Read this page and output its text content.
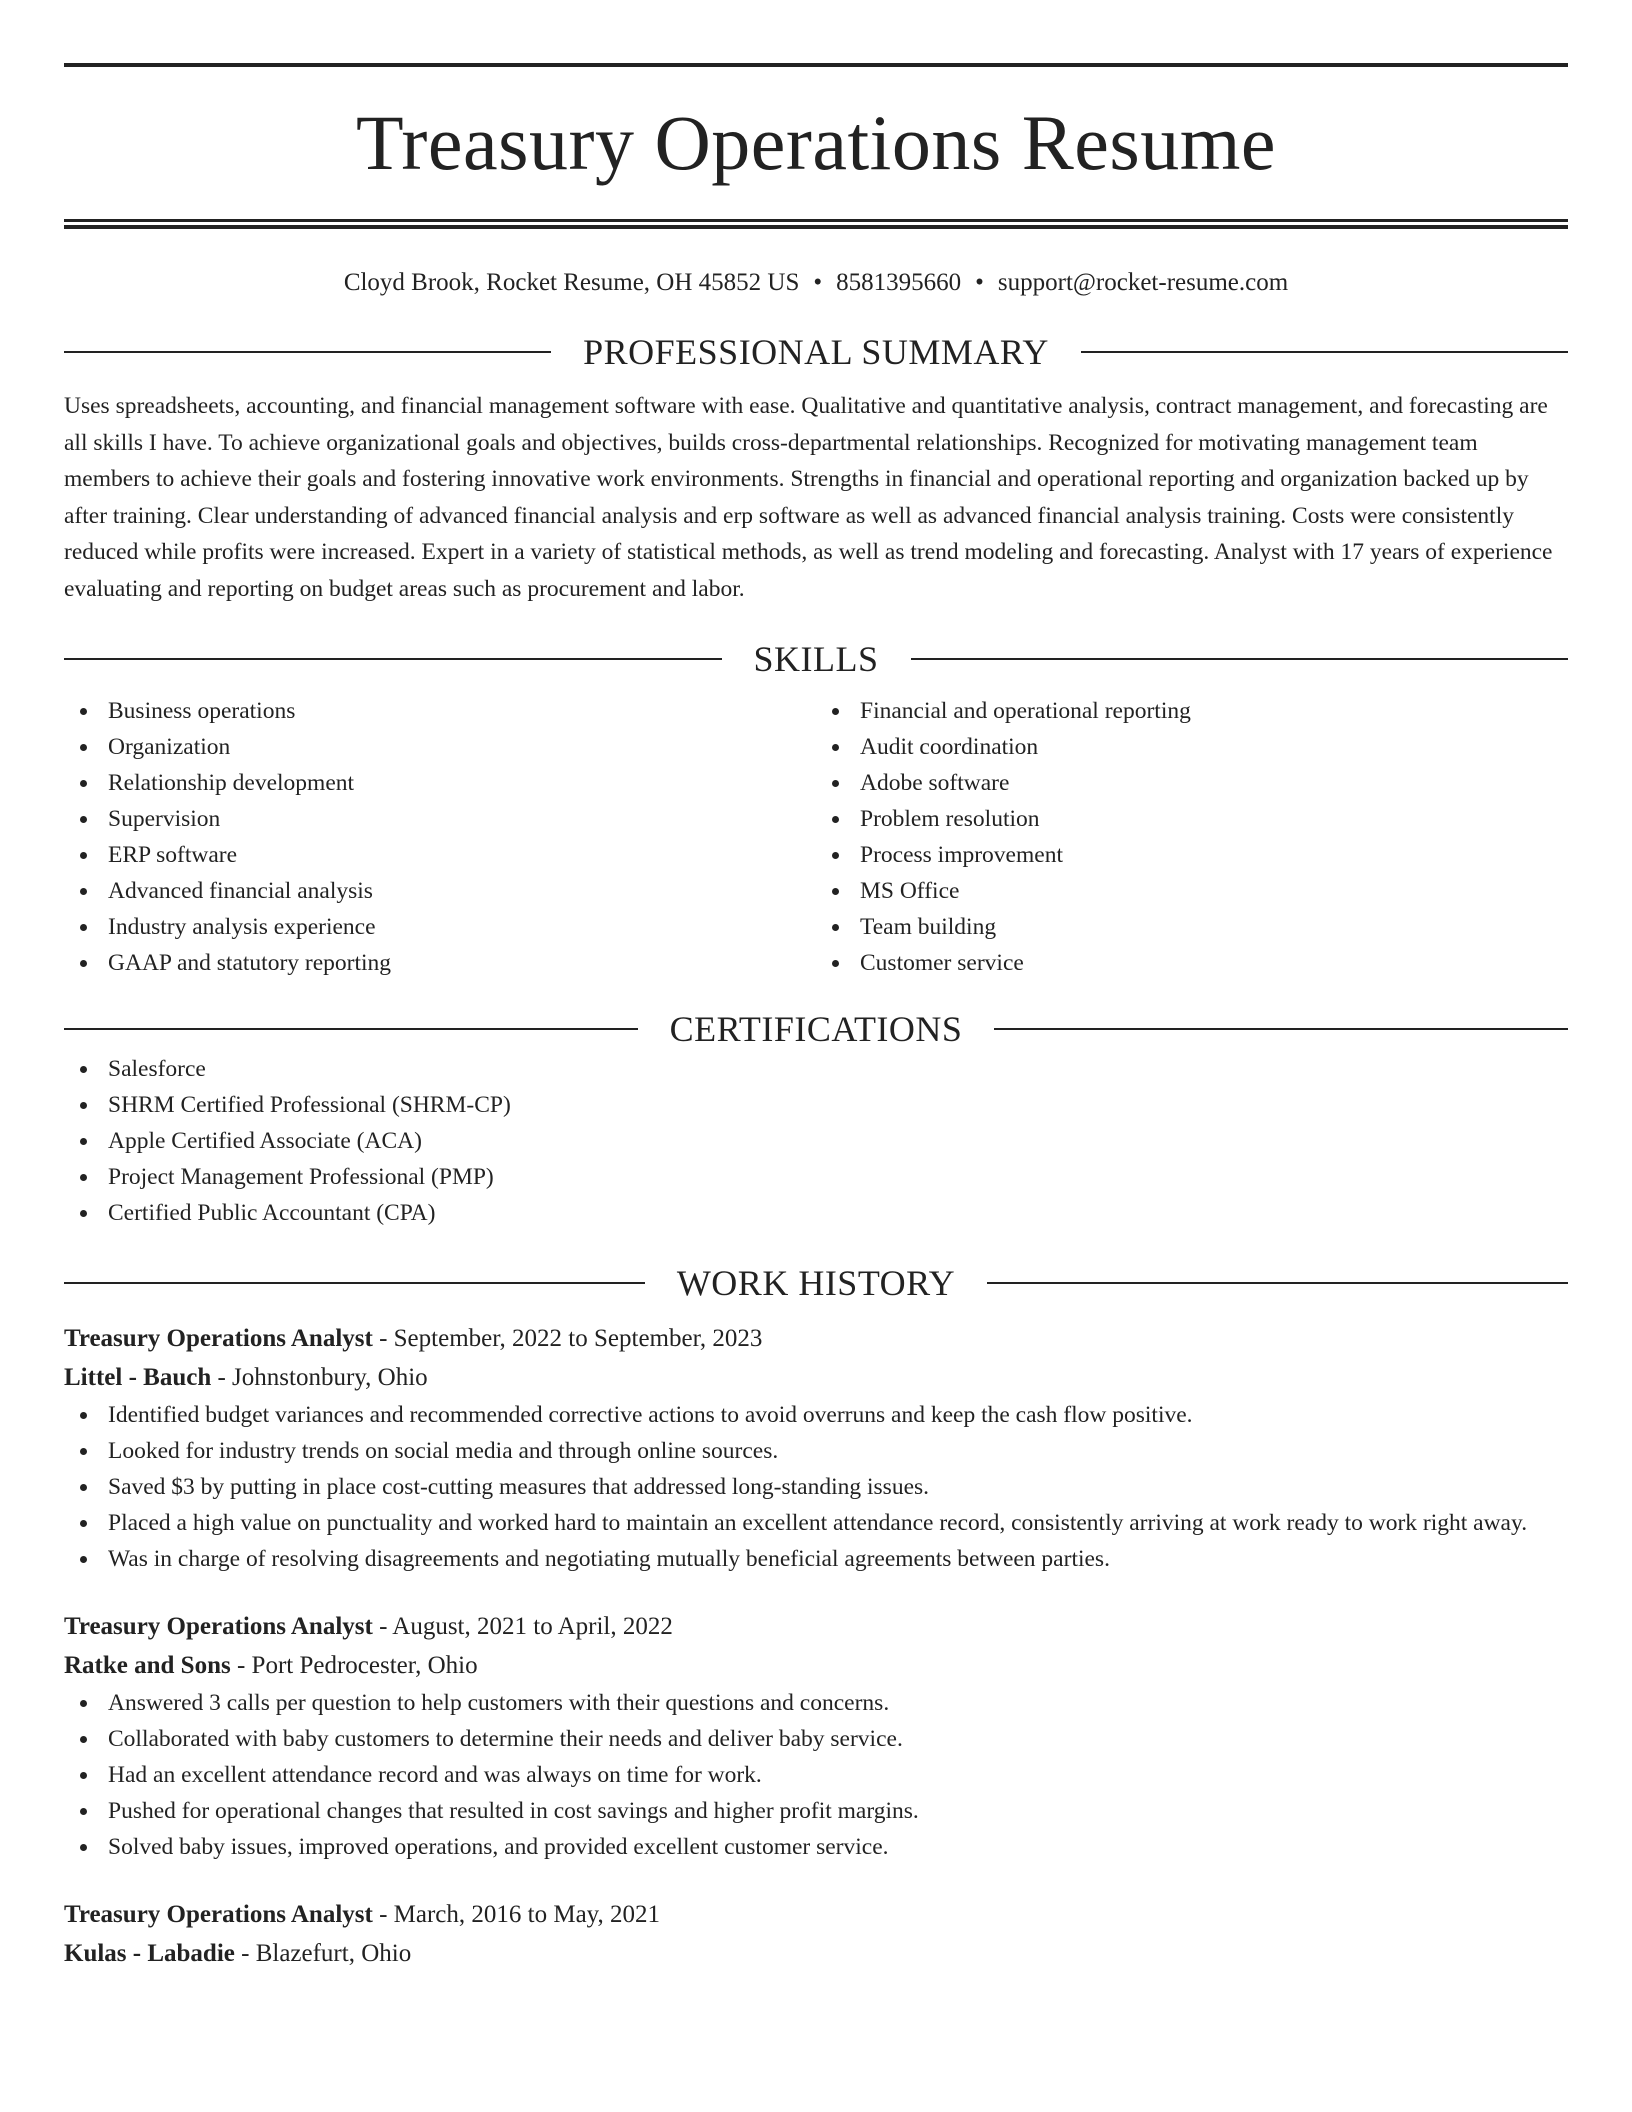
Treasury Operations Resume
Cloyd Brook, Rocket Resume, OH 45852 US • 8581395660 • support@rocket-resume.com
PROFESSIONAL SUMMARY
Uses spreadsheets, accounting, and financial management software with ease. Qualitative and quantitative analysis, contract management, and forecasting are all skills I have. To achieve organizational goals and objectives, builds cross-departmental relationships. Recognized for motivating management team members to achieve their goals and fostering innovative work environments. Strengths in financial and operational reporting and organization backed up by after training. Clear understanding of advanced financial analysis and erp software as well as advanced financial analysis training. Costs were consistently reduced while profits were increased. Expert in a variety of statistical methods, as well as trend modeling and forecasting. Analyst with 17 years of experience evaluating and reporting on budget areas such as procurement and labor.
SKILLS
Business operations
Organization
Relationship development
Supervision
ERP software
Advanced financial analysis
Industry analysis experience
GAAP and statutory reporting
Financial and operational reporting
Audit coordination
Adobe software
Problem resolution
Process improvement
MS Office
Team building
Customer service
CERTIFICATIONS
Salesforce
SHRM Certified Professional (SHRM-CP)
Apple Certified Associate (ACA)
Project Management Professional (PMP)
Certified Public Accountant (CPA)
WORK HISTORY
Treasury Operations Analyst - September, 2022 to September, 2023
Littel - Bauch - Johnstonbury, Ohio
Identified budget variances and recommended corrective actions to avoid overruns and keep the cash flow positive.
Looked for industry trends on social media and through online sources.
Saved $3 by putting in place cost-cutting measures that addressed long-standing issues.
Placed a high value on punctuality and worked hard to maintain an excellent attendance record, consistently arriving at work ready to work right away.
Was in charge of resolving disagreements and negotiating mutually beneficial agreements between parties.
Treasury Operations Analyst - August, 2021 to April, 2022
Ratke and Sons - Port Pedrocester, Ohio
Answered 3 calls per question to help customers with their questions and concerns.
Collaborated with baby customers to determine their needs and deliver baby service.
Had an excellent attendance record and was always on time for work.
Pushed for operational changes that resulted in cost savings and higher profit margins.
Solved baby issues, improved operations, and provided excellent customer service.
Treasury Operations Analyst - March, 2016 to May, 2021
Kulas - Labadie - Blazefurt, Ohio
